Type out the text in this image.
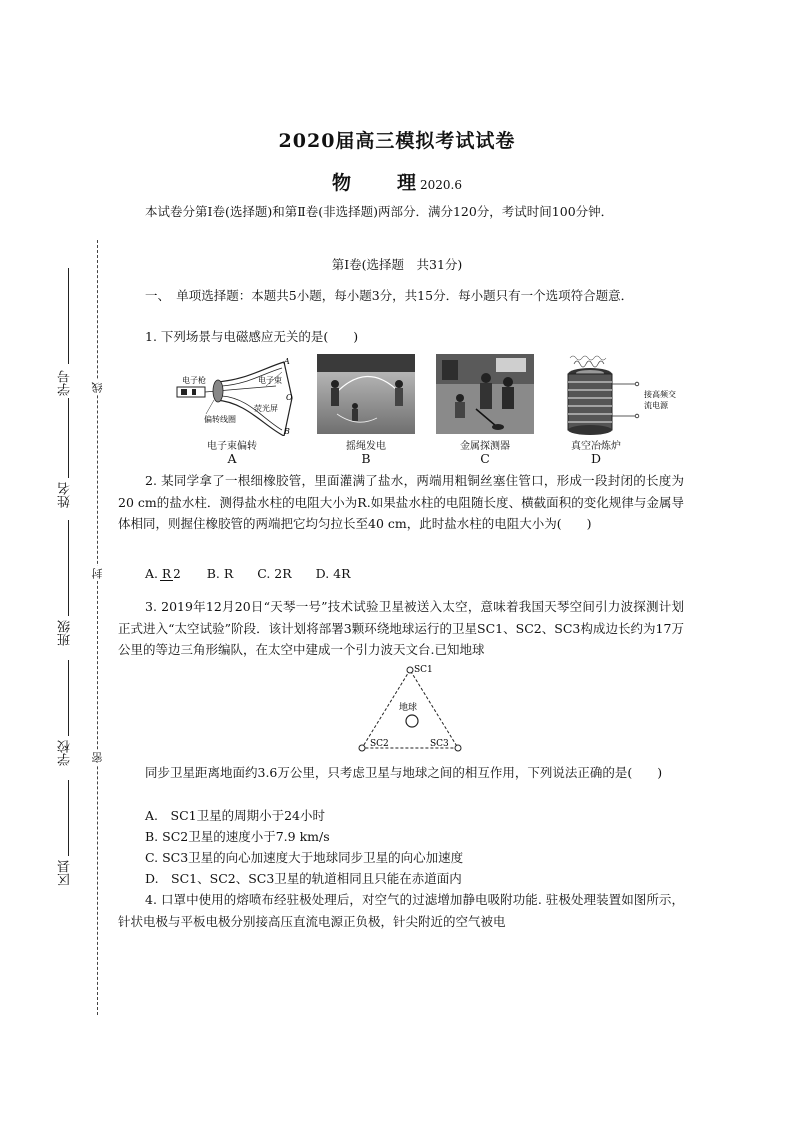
学号
姓名
班级
学校
区县
线
封
密
2020届高三模拟考试试卷
物 理 2020.6
本试卷分第Ⅰ卷(选择题)和第Ⅱ卷(非选择题)两部分．满分120分，考试时间100分钟．
第Ⅰ卷(选择题　共31分)
一、　单项选择题：本题共5小题，每小题3分，共15分．每小题只有一个选项符合题意．
1. 下列场景与电磁感应无关的是(　　)
电子枪
偏转线圈
电子束
荧光屏
A
O
B
电子束偏转
A
摇绳发电
B
金属探测器
C
接高频交
流电源
真空冶炼炉
D
2. 某同学拿了一根细橡胶管，里面灌满了盐水，两端用粗铜丝塞住管口，形成一段封闭的长度为20 cm的盐水柱．测得盐水柱的电阻大小为R.如果盐水柱的电阻随长度、横截面积的变化规律与金属导体相同，则握住橡胶管的两端把它均匀拉长至40 cm，此时盐水柱的电阻大小为(　　)
A. R 2 B. R C. 2R D. 4R
3. 2019年12月20日“天琴一号”技术试验卫星被送入太空，意味着我国天琴空间引力波探测计划正式进入“太空试验”阶段．该计划将部署3颗环绕地球运行的卫星SC1、SC2、SC3构成边长约为17万公里的等边三角形编队，在太空中建成一个引力波天文台.已知地球
SC1
SC2	SC3
地球
同步卫星距离地面约3.6万公里，只考虑卫星与地球之间的相互作用，下列说法正确的是(　　)
A.　SC1卫星的周期小于24小时
B. SC2卫星的速度小于7.9 km/s
C. SC3卫星的向心加速度大于地球同步卫星的向心加速度
D.　SC1、SC2、SC3卫星的轨道相同且只能在赤道面内
4. 口罩中使用的熔喷布经驻极处理后，对空气的过滤增加静电吸附功能. 驻极处理装置如图所示，针状电极与平板电极分别接高压直流电源正负极，针尖附近的空气被电
